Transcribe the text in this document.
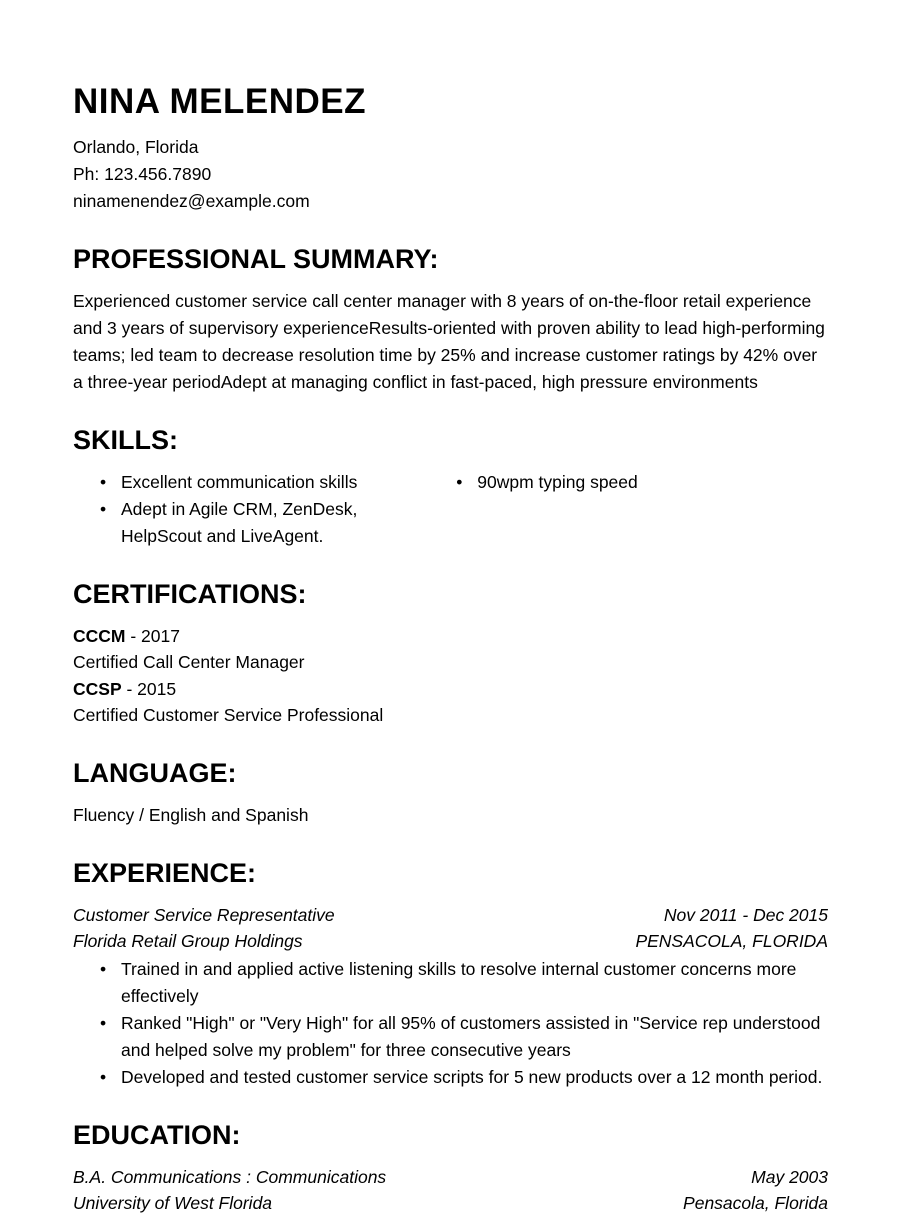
NINA MELENDEZ
Orlando, Florida
Ph: 123.456.7890
ninamenendez@example.com
PROFESSIONAL SUMMARY:

Experienced customer service call center manager with 8 years of on-the-floor retail experience and 3 years of supervisory experienceResults-oriented with proven ability to lead high-performing teams; led team to decrease resolution time by 25% and increase customer ratings by 42% over a three-year periodAdept at managing conflict in fast-paced, high pressure environments

SKILLS:
• Excellent communication skills
• Adept in Agile CRM, ZenDesk, HelpScout and LiveAgent.
• 90wpm typing speed
CERTIFICATIONS:

CCCM - 2017

Certified Call Center Manager

CCSP - 2015

Certified Customer Service Professional

LANGUAGE:

Fluency / English and Spanish

EXPERIENCE:
Customer Service Representative	Nov 2011 - Dec 2015
Florida Retail Group Holdings	PENSACOLA, FLORIDA
• Trained in and applied active listening skills to resolve internal customer concerns more effectively
• Ranked "High" or "Very High" for all 95% of customers assisted in "Service rep understood and helped solve my problem" for three consecutive years
• Developed and tested customer service scripts for 5 new products over a 12 month period.
EDUCATION:
B.A. Communications : Communications	May 2003
University of West Florida	Pensacola, Florida
